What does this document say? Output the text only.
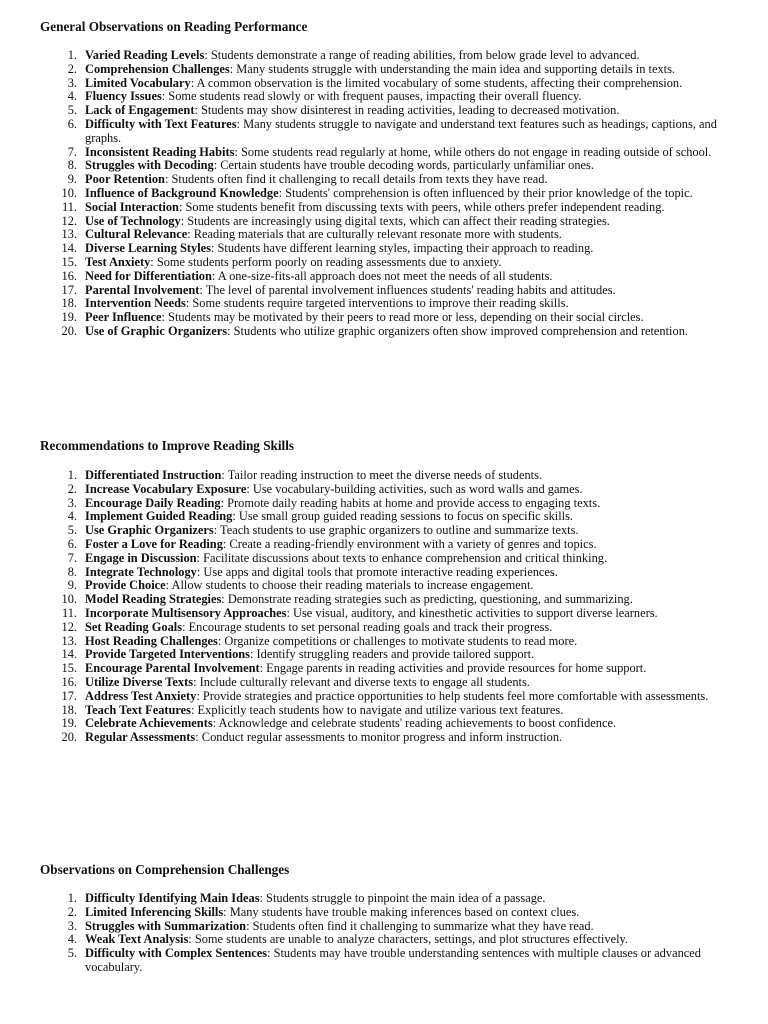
General Observations on Reading Performance
1. Varied Reading Levels: Students demonstrate a range of reading abilities, from below grade level to advanced.
2. Comprehension Challenges: Many students struggle with understanding the main idea and supporting details in texts.
3. Limited Vocabulary: A common observation is the limited vocabulary of some students, affecting their comprehension.
4. Fluency Issues: Some students read slowly or with frequent pauses, impacting their overall fluency.
5. Lack of Engagement: Students may show disinterest in reading activities, leading to decreased motivation.
6. Difficulty with Text Features: Many students struggle to navigate and understand text features such as headings, captions, and graphs.
7. Inconsistent Reading Habits: Some students read regularly at home, while others do not engage in reading outside of school.
8. Struggles with Decoding: Certain students have trouble decoding words, particularly unfamiliar ones.
9. Poor Retention: Students often find it challenging to recall details from texts they have read.
10. Influence of Background Knowledge: Students' comprehension is often influenced by their prior knowledge of the topic.
11. Social Interaction: Some students benefit from discussing texts with peers, while others prefer independent reading.
12. Use of Technology: Students are increasingly using digital texts, which can affect their reading strategies.
13. Cultural Relevance: Reading materials that are culturally relevant resonate more with students.
14. Diverse Learning Styles: Students have different learning styles, impacting their approach to reading.
15. Test Anxiety: Some students perform poorly on reading assessments due to anxiety.
16. Need for Differentiation: A one-size-fits-all approach does not meet the needs of all students.
17. Parental Involvement: The level of parental involvement influences students' reading habits and attitudes.
18. Intervention Needs: Some students require targeted interventions to improve their reading skills.
19. Peer Influence: Students may be motivated by their peers to read more or less, depending on their social circles.
20. Use of Graphic Organizers: Students who utilize graphic organizers often show improved comprehension and retention.
Recommendations to Improve Reading Skills
1. Differentiated Instruction: Tailor reading instruction to meet the diverse needs of students.
2. Increase Vocabulary Exposure: Use vocabulary-building activities, such as word walls and games.
3. Encourage Daily Reading: Promote daily reading habits at home and provide access to engaging texts.
4. Implement Guided Reading: Use small group guided reading sessions to focus on specific skills.
5. Use Graphic Organizers: Teach students to use graphic organizers to outline and summarize texts.
6. Foster a Love for Reading: Create a reading-friendly environment with a variety of genres and topics.
7. Engage in Discussion: Facilitate discussions about texts to enhance comprehension and critical thinking.
8. Integrate Technology: Use apps and digital tools that promote interactive reading experiences.
9. Provide Choice: Allow students to choose their reading materials to increase engagement.
10. Model Reading Strategies: Demonstrate reading strategies such as predicting, questioning, and summarizing.
11. Incorporate Multisensory Approaches: Use visual, auditory, and kinesthetic activities to support diverse learners.
12. Set Reading Goals: Encourage students to set personal reading goals and track their progress.
13. Host Reading Challenges: Organize competitions or challenges to motivate students to read more.
14. Provide Targeted Interventions: Identify struggling readers and provide tailored support.
15. Encourage Parental Involvement: Engage parents in reading activities and provide resources for home support.
16. Utilize Diverse Texts: Include culturally relevant and diverse texts to engage all students.
17. Address Test Anxiety: Provide strategies and practice opportunities to help students feel more comfortable with assessments.
18. Teach Text Features: Explicitly teach students how to navigate and utilize various text features.
19. Celebrate Achievements: Acknowledge and celebrate students' reading achievements to boost confidence.
20. Regular Assessments: Conduct regular assessments to monitor progress and inform instruction.
Observations on Comprehension Challenges
1. Difficulty Identifying Main Ideas: Students struggle to pinpoint the main idea of a passage.
2. Limited Inferencing Skills: Many students have trouble making inferences based on context clues.
3. Struggles with Summarization: Students often find it challenging to summarize what they have read.
4. Weak Text Analysis: Some students are unable to analyze characters, settings, and plot structures effectively.
5. Difficulty with Complex Sentences: Students may have trouble understanding sentences with multiple clauses or advanced vocabulary.
